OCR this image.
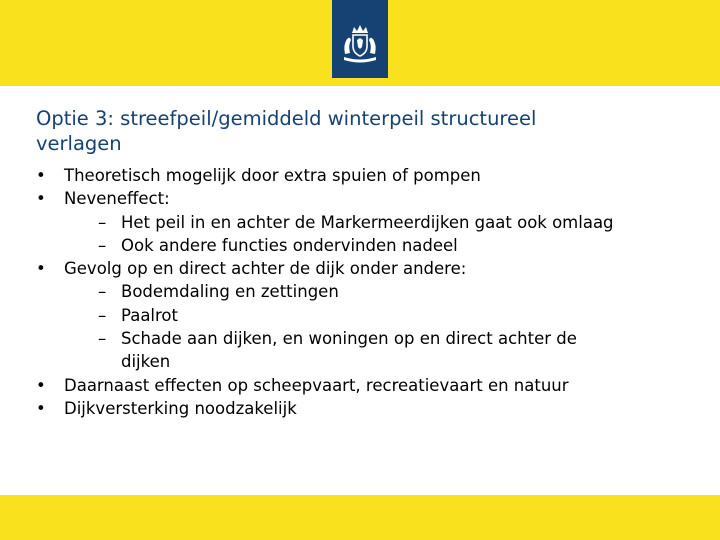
Optie 3: streefpeil/gemiddeld winterpeil structureel
verlagen
•	Theoretisch mogelijk door extra spuien of pompen
•	Neveneffect:
– Het peil in en achter de Markermeerdijken gaat ook omlaag
– Ook andere functies ondervinden nadeel
•	Gevolg op en direct achter de dijk onder andere:
– Bodemdaling en zettingen
– Paalrot
– Schade aan dijken, en woningen op en direct achter de
dijken
•	Daarnaast effecten op scheepvaart, recreatievaart en natuur
•	Dijkversterking noodzakelijk
